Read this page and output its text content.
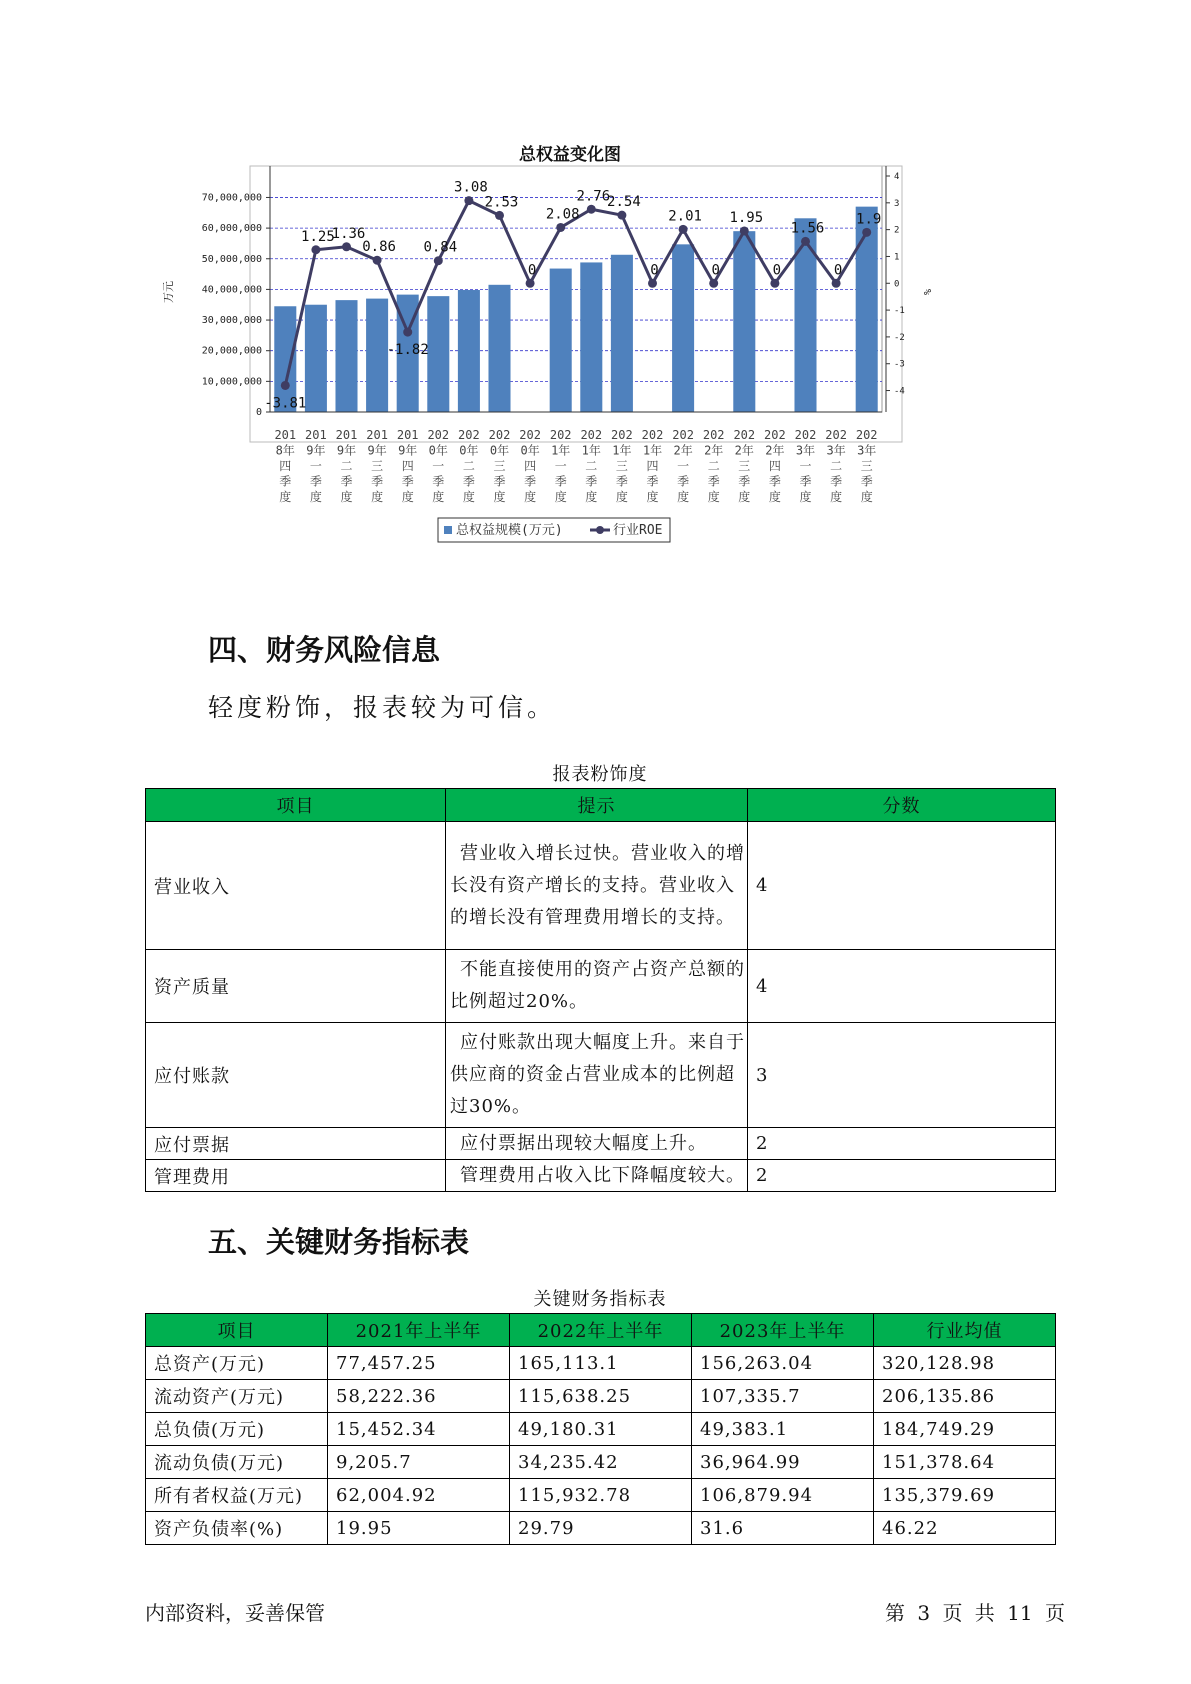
总权益变化图
0
10,000,000
20,000,000
30,000,000
40,000,000
50,000,000
60,000,000
70,000,000
4
3
2
1
0
-1
-2
-3
-4
万元	%
-3.81
1.25
1.36
0.86
-1.82
0.84
3.08
2.53
0
2.08
2.76
2.54
0
2.01
0
1.95
0
1.56
0
1.9
201
8年
四
季
度
201
9年
一
季
度
201
9年
二
季
度
201
9年
三
季
度
201
9年
四
季
度
202
0年
一
季
度
202
0年
二
季
度
202
0年
三
季
度
202
0年
四
季
度
202
1年
一
季
度
202
1年
二
季
度
202
1年
三
季
度
202
1年
四
季
度
202
2年
一
季
度
202
2年
二
季
度
202
2年
三
季
度
202
2年
四
季
度
202
3年
一
季
度
202
3年
二
季
度
202
3年
三
季
度
总权益规模(万元)	行业ROE
四、财务风险信息
轻度粉饰，报表较为可信。
报表粉饰度
项目	提示	分数
营业收入	营业收入增长过快。营业收入的增长没有资产增长的支持。营业收入的增长没有管理费用增长的支持。	4
资产质量	不能直接使用的资产占资产总额的比例超过20%。	4
应付账款	应付账款出现大幅度上升。来自于供应商的资金占营业成本的比例超过30%。	3
应付票据	应付票据出现较大幅度上升。	2
管理费用	管理费用占收入比下降幅度较大。	2
五、关键财务指标表
关键财务指标表
项目	2021年上半年	2022年上半年	2023年上半年	行业均值
总资产(万元)	77,457.25	165,113.1	156,263.04	320,128.98
流动资产(万元)	58,222.36	115,638.25	107,335.7	206,135.86
总负债(万元)	15,452.34	49,180.31	49,383.1	184,749.29
流动负债(万元)	9,205.7	34,235.42	36,964.99	151,378.64
所有者权益(万元)	62,004.92	115,932.78	106,879.94	135,379.69
资产负债率(%)	19.95	29.79	31.6	46.22
内部资料，妥善保管	第 3 页 共 11 页
